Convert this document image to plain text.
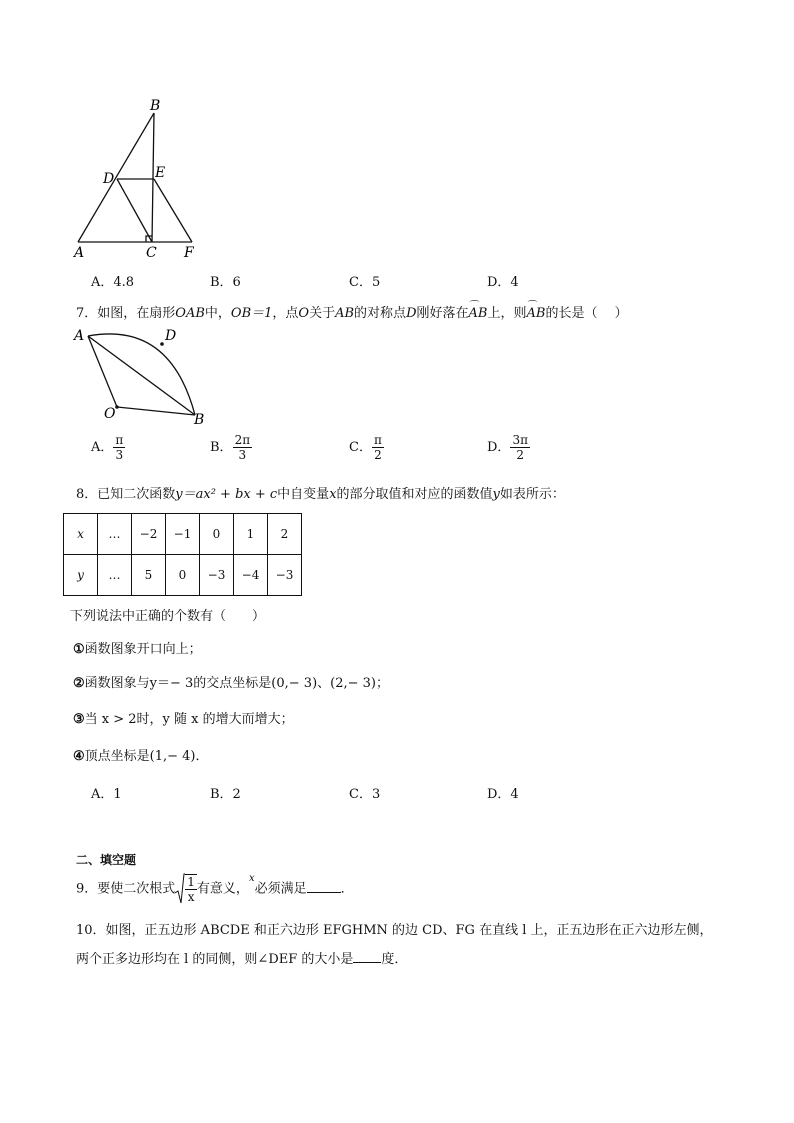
B
D	E
A	C F
A．4.8	B．6	C．5	D．4
7．如图，在扇形OAB中，OB＝1，点O关于AB的对称点D刚好落在⌒ AB上，则⌒ AB的长是（　 ）
A	D
O	B
A． $\frac{\pi}{3}$	B． $\frac{2\pi}{3}$	C． $\frac{\pi}{2}$	D． $\frac{3\pi}{2}$
8．已知二次函数y＝ax² + bx + c中自变量x的部分取值和对应的函数值y如表所示：
x	…	−2	−1	0	1	2
y	…	5	0	−3	−4	−3
下列说法中正确的个数有（　　）
①函数图象开口向上；
②函数图象与y＝− 3的交点坐标是(0,− 3)、(2,− 3)；
③当 x > 2时，y 随 x 的增大而增大；
④顶点坐标是(1,− 4)．
A．1	B．2	C．3	D．4
二、填空题
9．要使二次根式 $\frac{1}{x}$ 有意义，$^x$必须满足	．
10．如图，正五边形 ABCDE 和正六边形 EFGHMN 的边 CD、FG 在直线 l 上，正五边形在正六边形左侧，
两个正多边形均在 l 的同侧，则∠DEF 的大小是 度．
